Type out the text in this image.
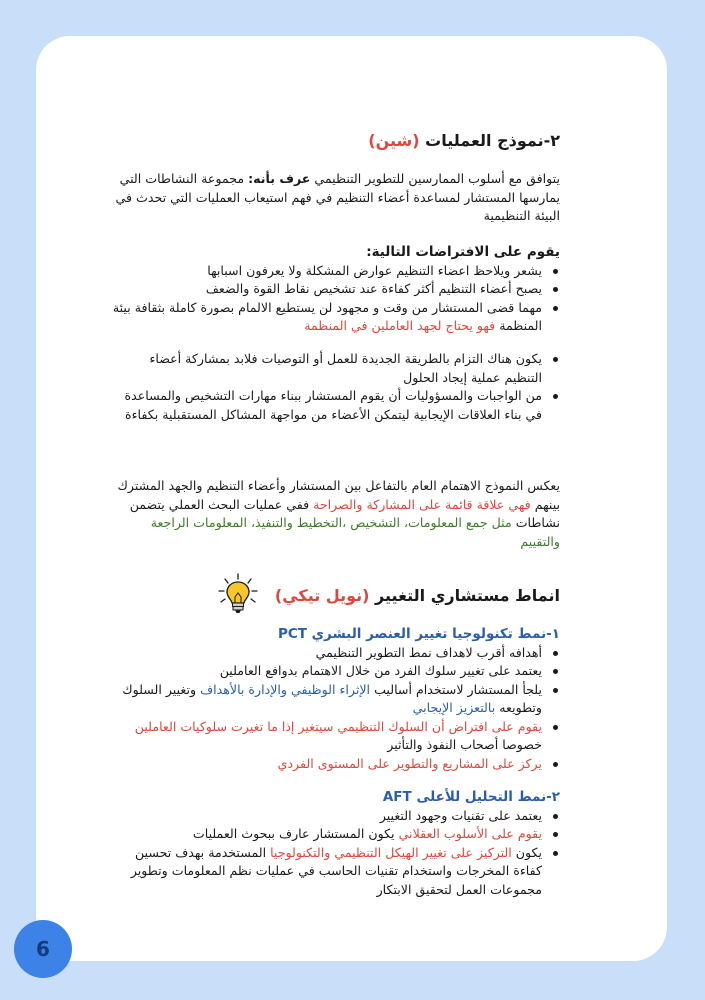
٢-نموذج العمليات (شين)

يتوافق مع أسلوب الممارسين للتطوير التنظيمي عرف بأنه: مجموعة النشاطات التي يمارسها المستشار لمساعدة أعضاء التنظيم في فهم استيعاب العمليات التي تحدث في البيئة التنظيمية

يقوم على الافتراضات التالية:

يشعر ويلاحظ اعضاء التنظيم عوارض المشكلة ولا يعرفون اسبابها
يصبح أعضاء التنظيم أكثر كفاءة عند تشخيص نقاط القوة والضعف
مهما قضى المستشار من وقت و مجهود لن يستطيع الالمام بصورة كاملة بثقافة بيئة المنظمة فهو يحتاج لجهد العاملين في المنظمة
يكون هناك التزام بالطريقة الجديدة للعمل أو التوصيات فلابد بمشاركة أعضاء التنظيم عملية إيجاد الحلول
من الواجبات والمسؤوليات أن يقوم المستشار ببناء مهارات التشخيص والمساعدة في بناء العلاقات الإيجابية ليتمكن الأعضاء من مواجهة المشاكل المستقبلية بكفاءة

يعكس النموذج الاهتمام العام بالتفاعل بين المستشار وأعضاء التنظيم والجهد المشترك بينهم فهي علاقة قائمة على المشاركة والصراحة ففي عمليات البحث العملي يتضمن نشاطات مثل جمع المعلومات، التشخيص ،التخطيط والتنفيذ، المعلومات الراجعة والتقييم

انماط مستشاري التغيير (نويل تيكي)

١-نمط تكنولوجيا تغيير العنصر البشري PCT

أهدافه أقرب لاهداف نمط التطوير التنظيمي
يعتمد على تغيير سلوك الفرد من خلال الاهتمام بدوافع العاملين
يلجأ المستشار لاستخدام أساليب الإثراء الوظيفي والإدارة بالأهداف وتغيير السلوك وتطويعه بالتعزيز الإيجابي
يقوم على افتراض أن السلوك التنظيمي سيتغير إذا ما تغيرت سلوكيات العاملين خصوصا أصحاب النفوذ والتأثير
يركز على المشاريع والتطوير على المستوى الفردي

٢-نمط التحليل للأعلى AFT

يعتمد على تقنيات وجهود التغيير
يقوم على الأسلوب العقلاني يكون المستشار عارف ببحوث العمليات
يكون التركيز على تغيير الهيكل التنظيمي والتكنولوجيا المستخدمة بهدف تحسين كفاءة المخرجات واستخدام تقنيات الحاسب في عمليات نظم المعلومات وتطوير مجموعات العمل لتحقيق الابتكار
6
